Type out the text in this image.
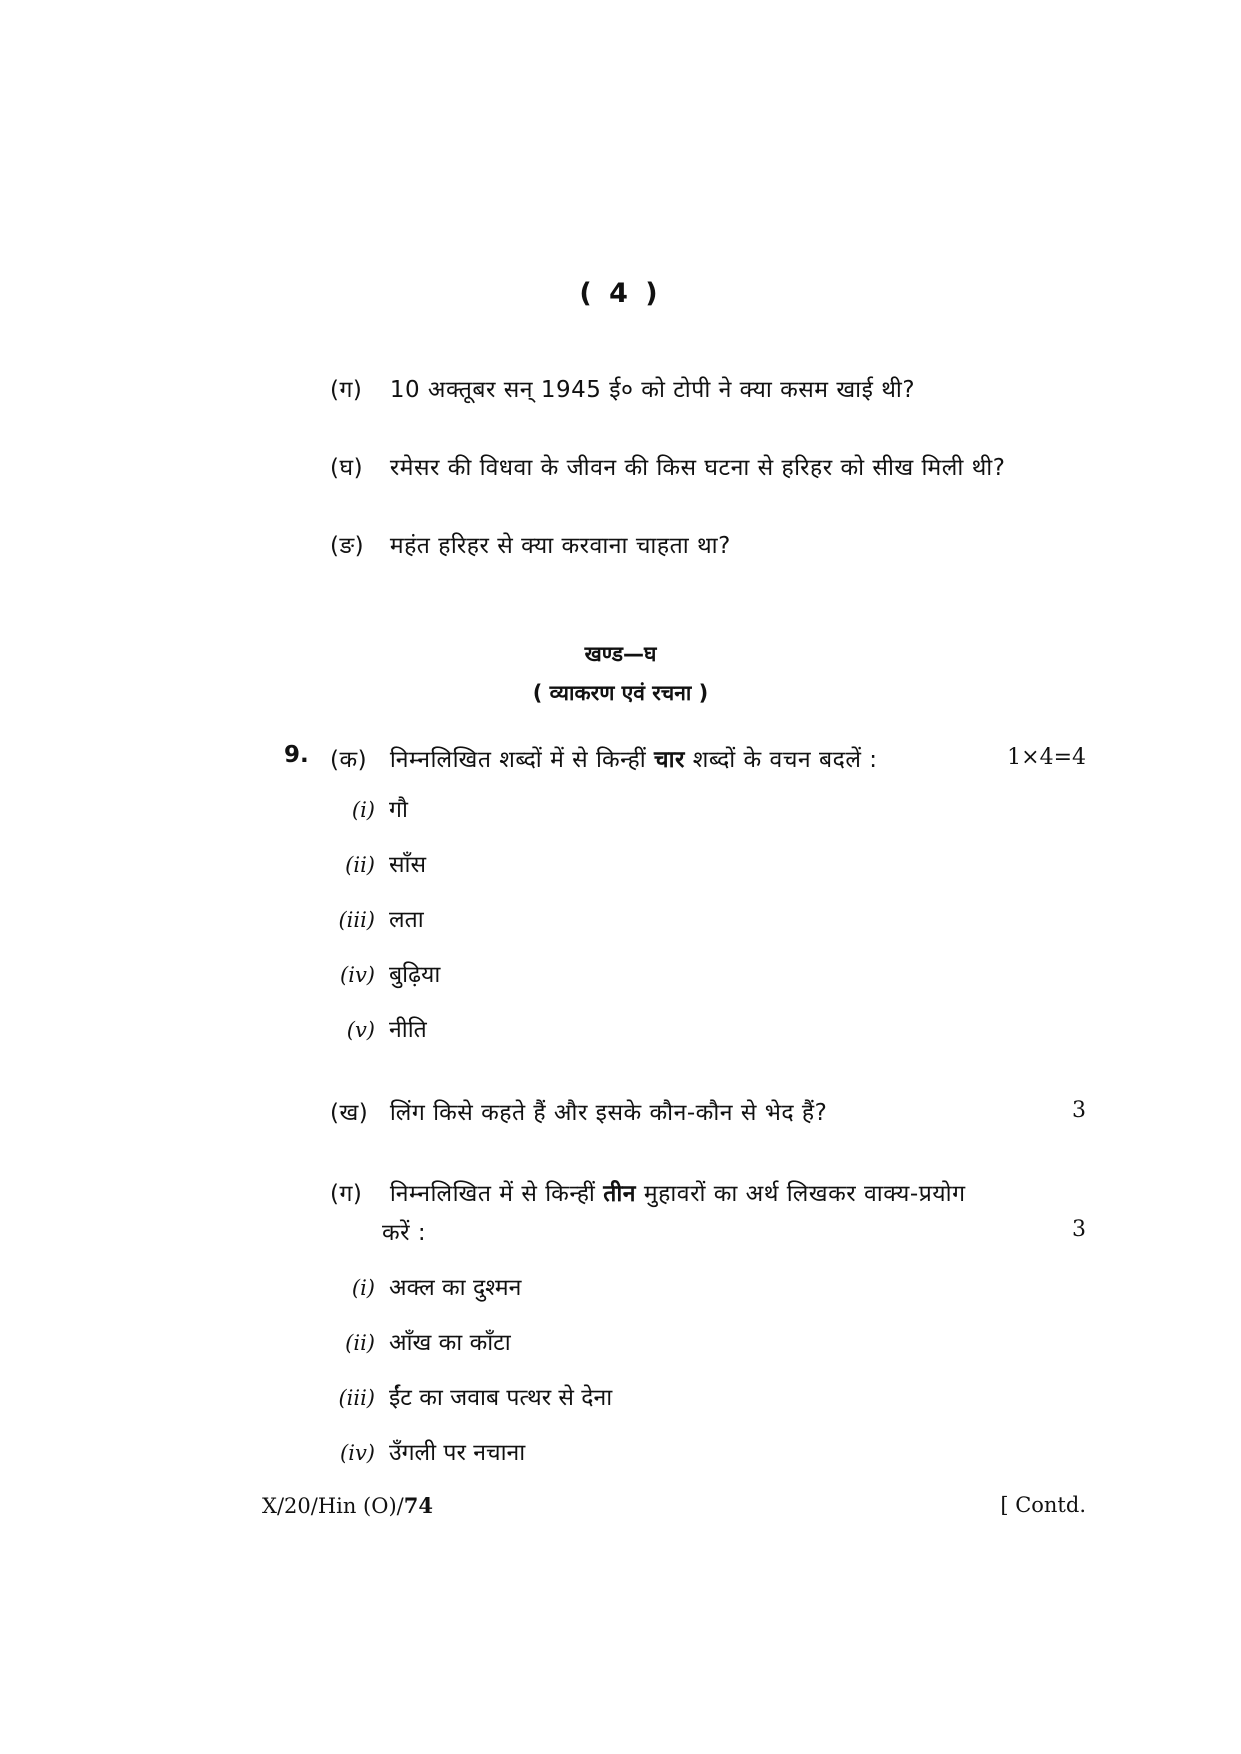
( 4 )
(ग) 10 अक्तूबर सन् 1945 ई० को टोपी ने क्या कसम खाई थी?
(घ) रमेसर की विधवा के जीवन की किस घटना से हरिहर को सीख मिली थी?
(ङ) महंत हरिहर से क्या करवाना चाहता था?
खण्ड—घ
( व्याकरण एवं रचना )
9. (क) निम्नलिखित शब्दों में से किन्हीं चार शब्दों के वचन बदलें :	1×4=4
(i) गौ
(ii) साँस
(iii) लता
(iv) बुढ़िया
(v) नीति
(ख) लिंग किसे कहते हैं और इसके कौन-कौन से भेद हैं?	3
(ग) निम्नलिखित में से किन्हीं तीन मुहावरों का अर्थ लिखकर वाक्य-प्रयोग
करें :	3
(i) अक्ल का दुश्मन
(ii) आँख का काँटा
(iii) ईंट का जवाब पत्थर से देना
(iv) उँगली पर नचाना
X/20/Hin (O)/74	[ Contd.
